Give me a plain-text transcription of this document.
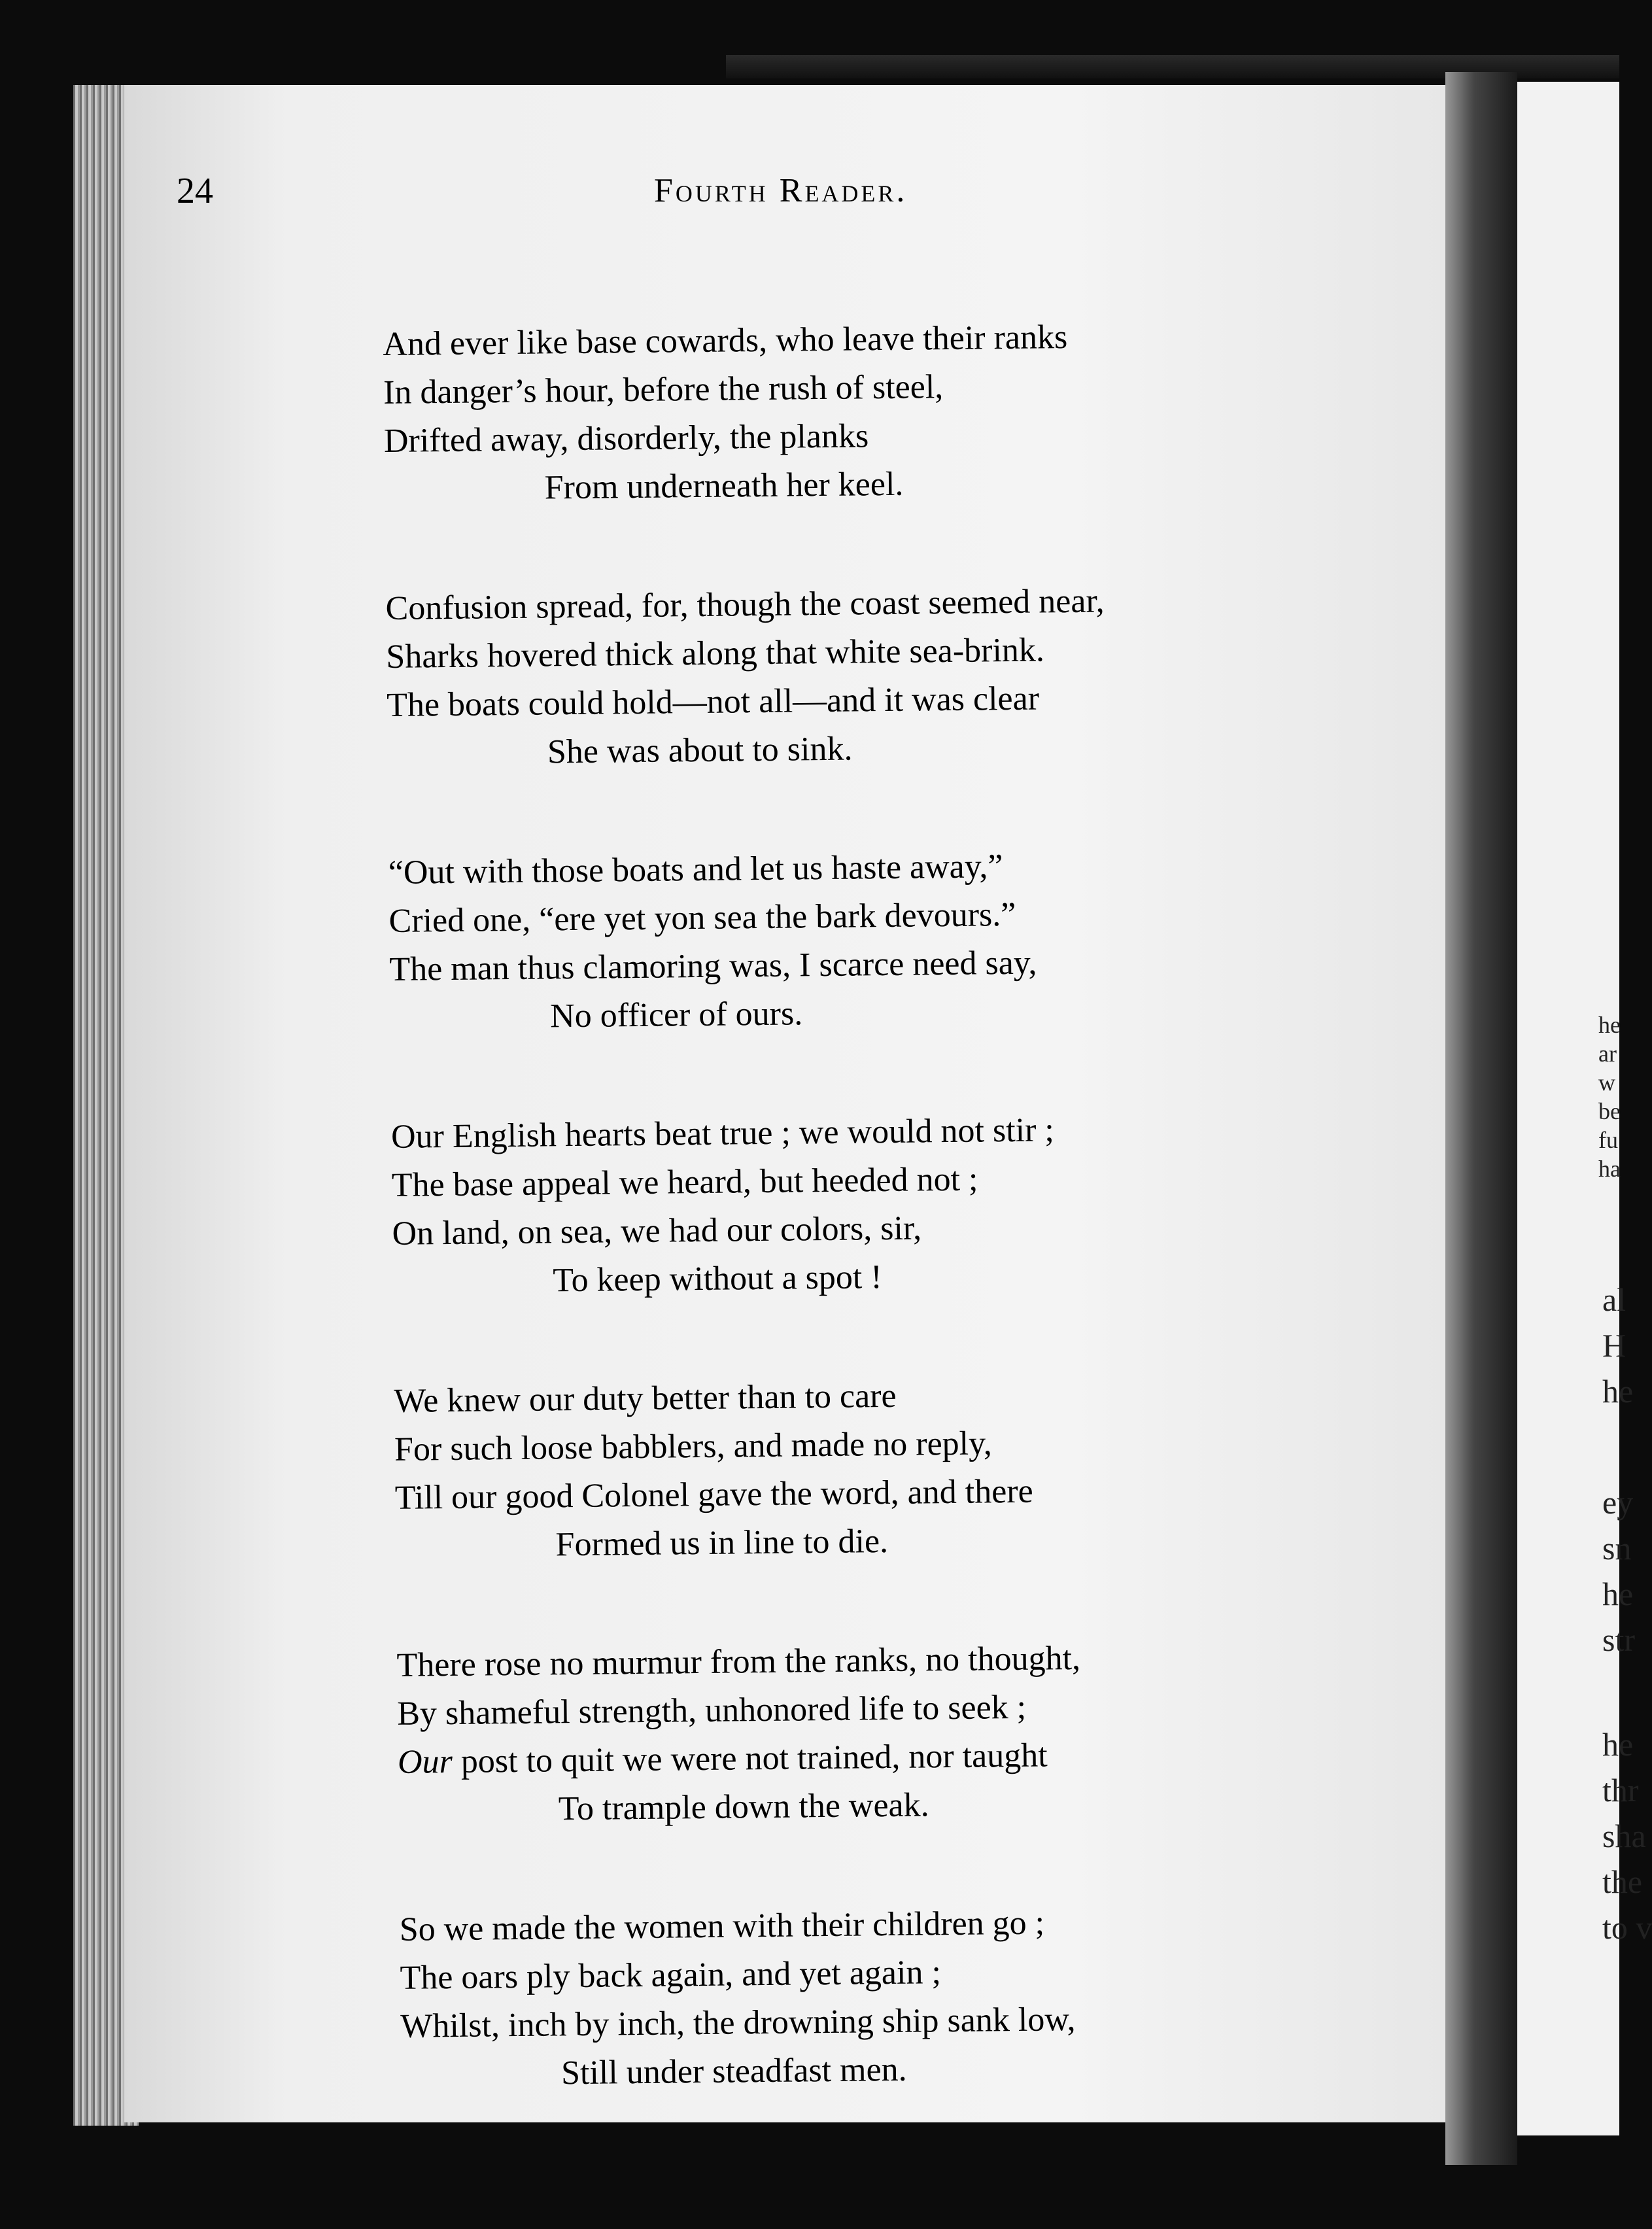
24	Fourth Reader.
And ever like base cowards, who leave their ranks
In danger’s hour, before the rush of steel,
Drifted away, disorderly, the planks
From underneath her keel.
Confusion spread, for, though the coast seemed near,
Sharks hovered thick along that white sea-brink.
The boats could hold—not all—and it was clear
She was about to sink.
“Out with those boats and let us haste away,”
Cried one, “ere yet yon sea the bark devours.”
The man thus clamoring was, I scarce need say,
No officer of ours.
Our English hearts beat true ; we would not stir ;
The base appeal we heard, but heeded not ;
On land, on sea, we had our colors, sir,
To keep without a spot !
We knew our duty better than to care
For such loose babblers, and made no reply,
Till our good Colonel gave the word, and there
Formed us in line to die.
There rose no murmur from the ranks, no thought,
By shameful strength, unhonored life to seek ;
Our post to quit we were not trained, nor taught
To trample down the weak.
So we made the women with their children go ;
The oars ply back again, and yet again ;
Whilst, inch by inch, the drowning ship sank low,
Still under steadfast men.
he
ar
w
be
fu
ha
al
H
he
ey
sn
he
str
he
thr
sha
the
to v
